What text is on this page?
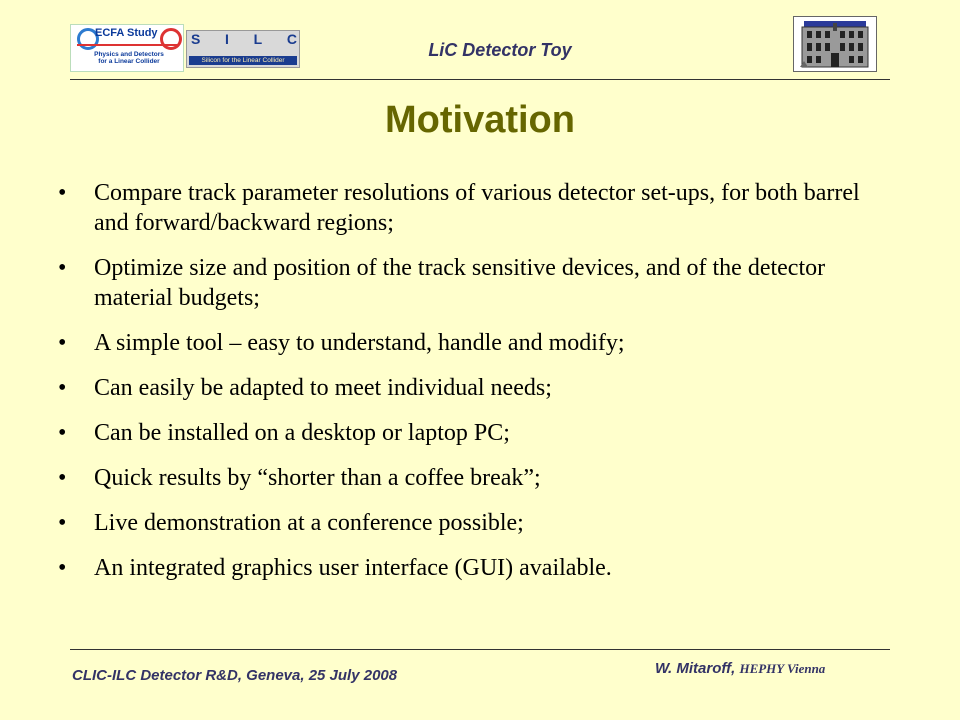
ECFA Study
Physics and Detectors
for a Linear Collider
S I L C
Silicon for the Linear Collider
LiC Detector Toy
Motivation
• Compare track parameter resolutions of various detector set-ups, for both barrel and forward/backward regions;
• Optimize size and position of the track sensitive devices, and of the detector material budgets;
• A simple tool – easy to understand, handle and modify;
• Can easily be adapted to meet individual needs;
• Can be installed on a desktop or laptop PC;
• Quick results by “shorter than a coffee break”;
• Live demonstration at a conference possible;
• An integrated graphics user interface (GUI) available.
CLIC-ILC Detector R&D, Geneva, 25 July 2008	W. Mitaroff, HEPHY Vienna
